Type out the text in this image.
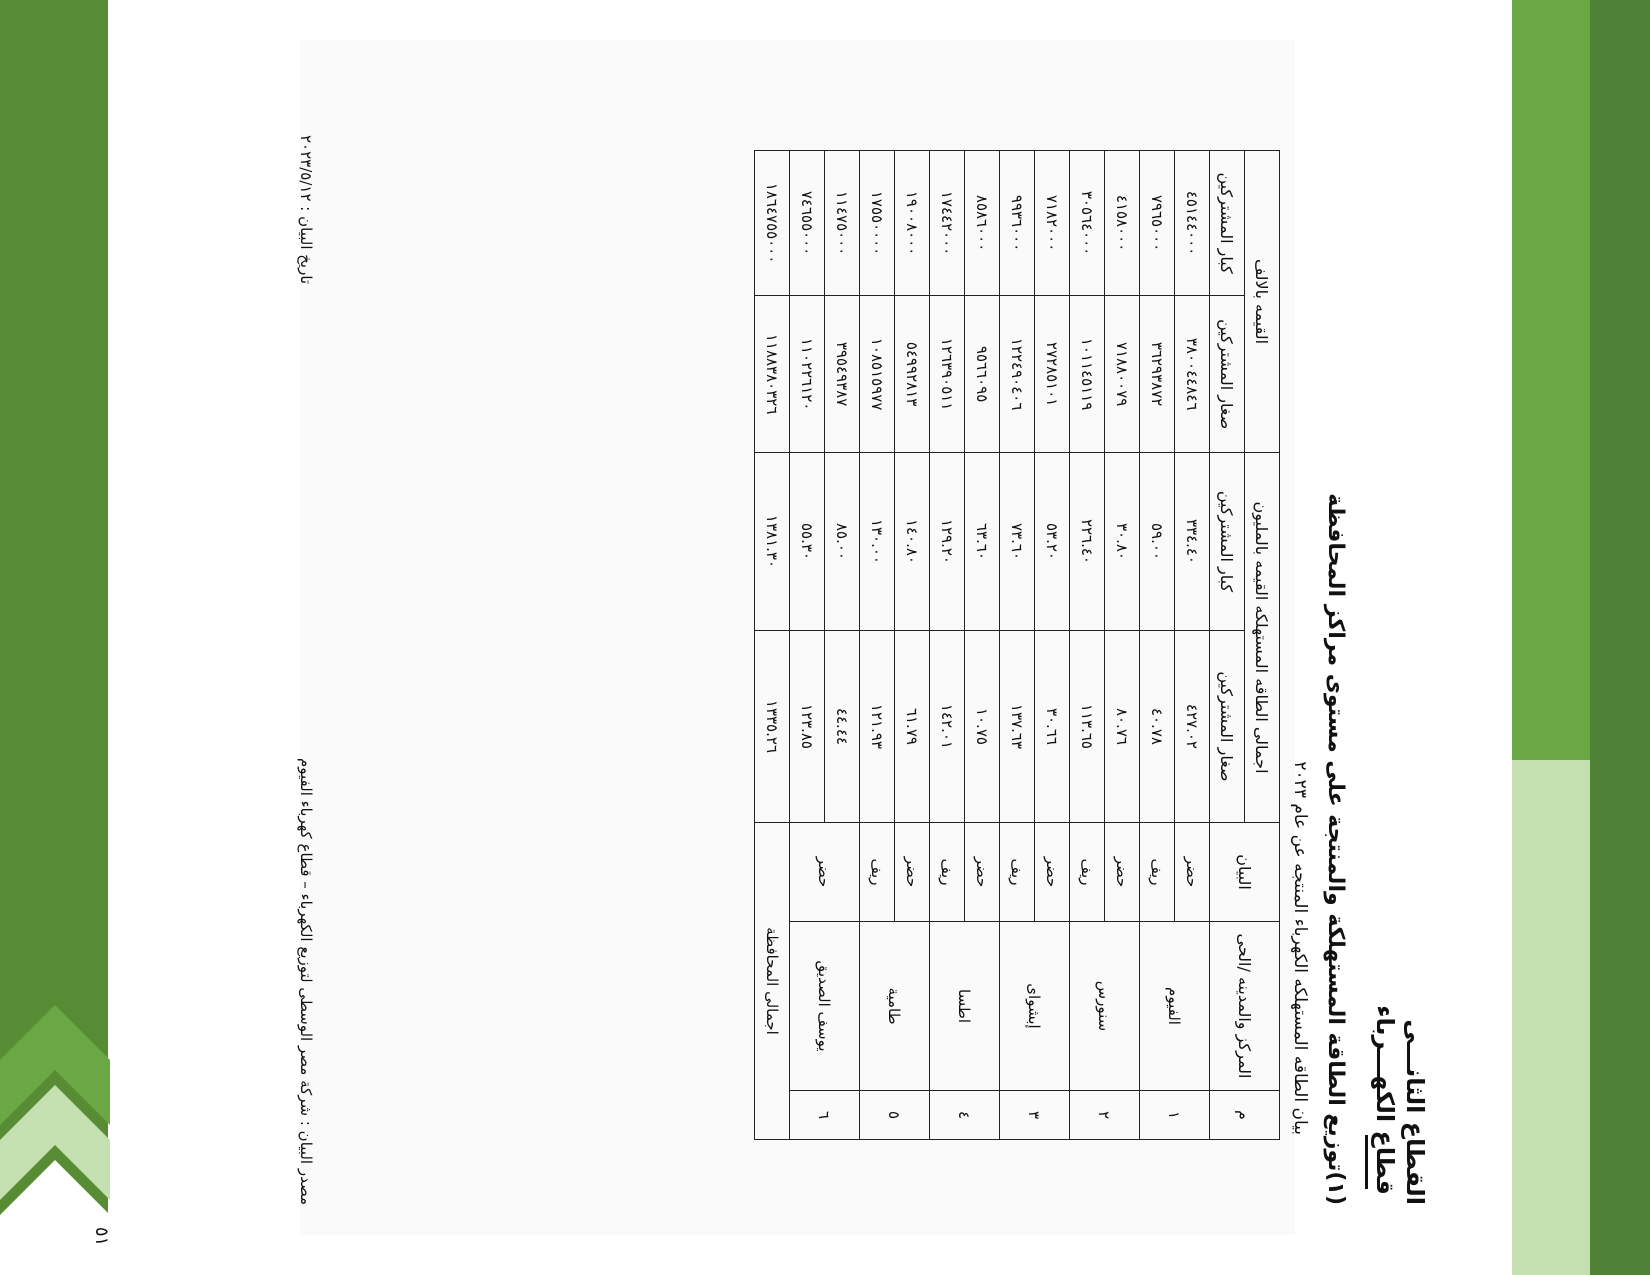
٥١
القطاع الثانـــى
قطاع الكهـــرباء
(١)توزيع الطاقة المستهلكة والمنتجة على مستوى مراكز المحافظة
بيان الطاقه المستهلكه الكهرباء المنتجه عن عام ٢٠٢٣
م	المركز والمدينه /الحى	البيان	اجمالى الطاقه المستهلكه القيمه بالمليون		القيمه بالالف	
			صغار المشتركين	كبار المشتركين	صغار المشتركين	كبار المشتركين
١	الفيوم	حضر	٤٢٧.٠٢	٣٣٤.٤٠	٣٨٠٠٤٤٨٤٦	٤٥١٤٤٠٠٠
		ريف	٤٠.٧٨	٥٩.٠٠	٣٦٢٩٣٨٧٢	٧٩٦٥٠٠٠
٢	سنورس	حضر	٨٠.٧٦	٣٠.٨٠	٧١٨٨٠٠٧٩	٤١٥٨٠٠٠
		ريف	١١٣.٦٥	٢٢٦.٤٠	١٠١١٤٥١١٩	٣٠٥٦٤٠٠٠
٣	إبشواى	حضر	٣٠.٦٦	٥٣.٢٠	٢٧٢٨٥١٠١	٧١٨٢٠٠٠
		ريف	١٣٧.٦٣	٧٣.٦٠	١٢٢٤٩٠٤٠٦	٩٩٣٦٠٠٠
٤	اطسا	حضر	١٠.٧٥	٦٣.٦٠	٩٥٦٦٠٩٥	٨٥٨٦٠٠٠
		ريف	١٤٢.٠١	١٢٩.٢٠	١٢٦٣٩٠٥١١	١٧٤٤٢٠٠٠
٥	طامية	حضر	٦١.٧٩	١٤٠.٨٠	٥٤٩٩٢٨١٣	١٩٠٠٨٠٠٠
		ريف	١٢١.٩٣	١٣٠.٠٠	١٠٨٥١٥٩٧٧	١٧٥٥٠٠٠٠
٦	يوسف الصديق	حضر	٤٤.٤٤	٨٥.٠٠	٣٩٥٤٩٣٨٧	١١٤٧٥٠٠٠
			١٢٣.٨٥	٥٥.٣٠	١١٠٢٢٦١٢٠	٧٤٦٥٥٠٠٠
اجمالى المحافظة			١٣٣٥.٢٦	١٣٨١.٣٠	١١٨٨٣٨٠٣٢٦	١٨٦٤٧٥٥٠٠٠
مصدر البيان : شركة مصر الوسطى لتوزيع الكهرباء – قطاع كهرباء الفيوم
تاريخ البيان : ٢٠٢٣/٥/١٢
